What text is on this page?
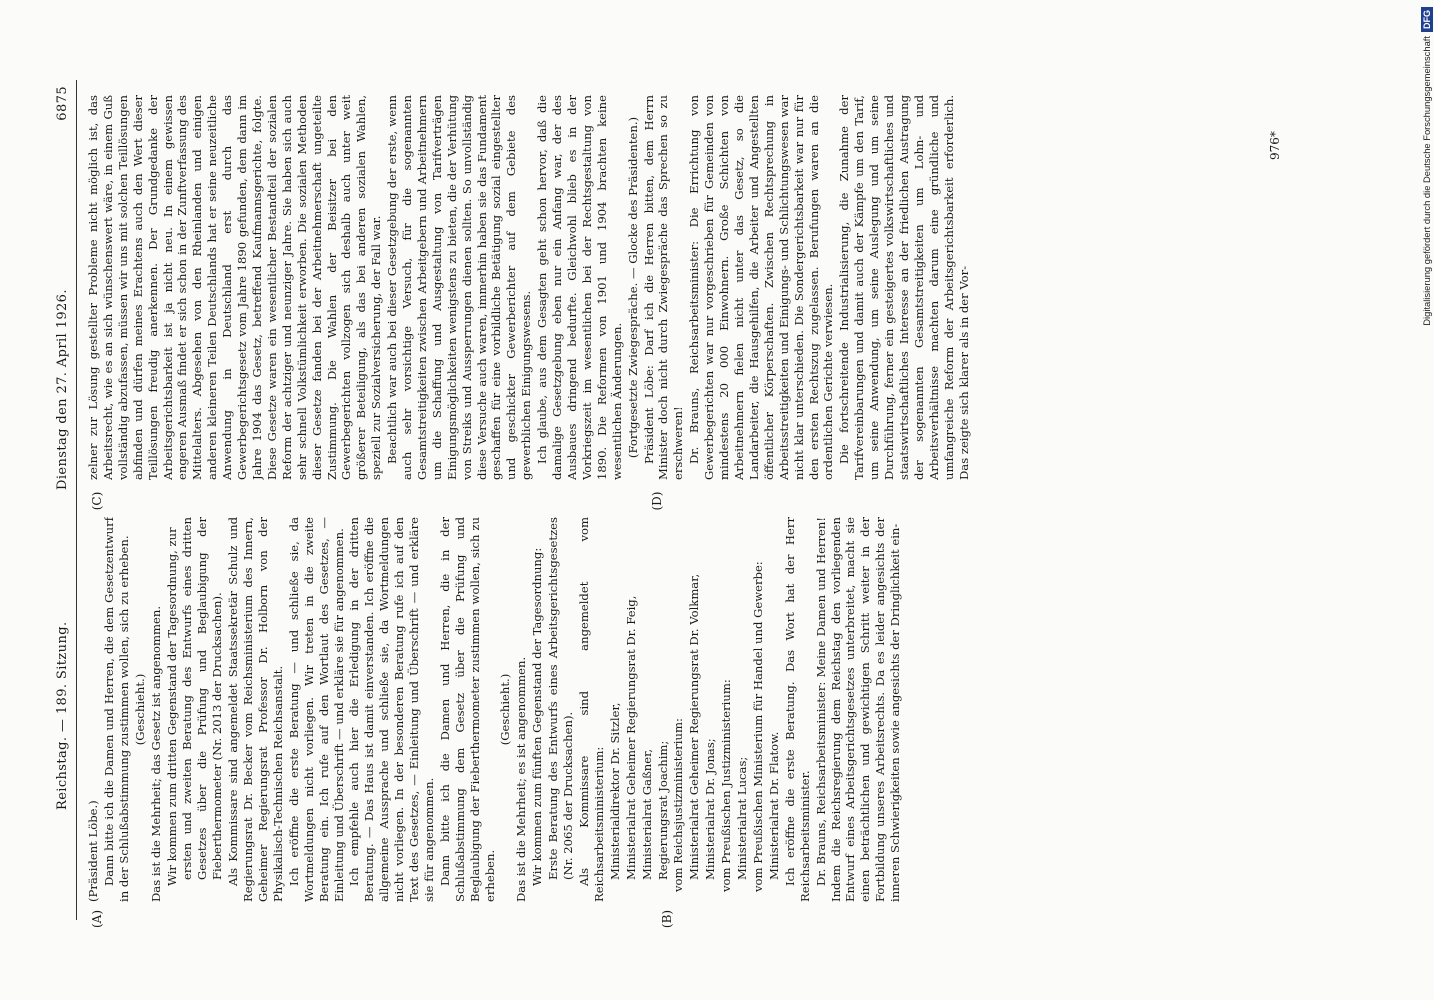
Reichstag. — 189. Sitzung.
Dienstag den 27. April 1926.
6875
(A)	(B)
(C)	(D)

(Präsident Löbe.) Dann bitte ich die Damen und Herren, die dem Gesetzentwurf in der Schlußabstimmung zustimmen wollen, sich zu erheben. (Geschieht.) Das ist die Mehrheit; das Gesetz ist angenommen. Wir kommen zum dritten Gegenstand der Tagesordnung, zur ersten und zweiten Beratung des Entwurfs eines dritten Gesetzes über die Prüfung und Beglaubigung der Fieberthermometer (Nr. 2013 der Drucksachen). Als Kommissare sind angemeldet Staatssekretär Schulz und Regierungsrat Dr. Becker vom Reichsministerium des Innern, Geheimer Regierungsrat Professor Dr. Holborn von der Physikalisch-Technischen Reichsanstalt. Ich eröffne die erste Beratung — und schließe sie, da Wortmeldungen nicht vorliegen. Wir treten in die zweite Beratung ein. Ich rufe auf den Wortlaut des Gesetzes, — Einleitung und Überschrift — und erkläre sie für angenommen. Ich empfehle auch hier die Erledigung in der dritten Beratung. — Das Haus ist damit einverstanden. Ich eröffne die allgemeine Aussprache und schließe sie, da Wortmeldungen nicht vorliegen. In der besonderen Beratung rufe ich auf den Text des Gesetzes, — Einleitung und Überschrift — und erkläre sie für angenommen. Dann bitte ich die Damen und Herren, die in der Schlußabstimmung dem Gesetz über die Prüfung und Beglaubigung der Fieberthermometer zustimmen wollen, sich zu erheben.

(Geschieht.) Das ist die Mehrheit; es ist angenommen. Wir kommen zum fünften Gegenstand der Tagesordnung: Erste Beratung des Entwurfs eines Arbeitsgerichtsgesetzes (Nr. 2065 der Drucksachen). Als Kommissare sind angemeldet vom Reichsarbeitsministerium: Ministerialdirektor Dr. Sitzler, Ministerialrat Geheimer Regierungsrat Dr. Feig, Ministerialrat Gaßner, Regierungsrat Joachim; vom Reichsjustizministerium: Ministerialrat Geheimer Regierungsrat Dr. Volkmar, Ministerialrat Dr. Jonas; vom Preußischen Justizministerium: Ministerialrat Lucas; vom Preußischen Ministerium für Handel und Gewerbe: Ministerialrat Dr. Flatow. Ich eröffne die erste Beratung. Das Wort hat der Herr Reichsarbeitsminister. Dr. Brauns, Reichsarbeitsminister: Meine Damen und Herren! Indem die Reichsregierung dem Reichstag den vorliegenden Entwurf eines Arbeitsgerichtsgesetzes unterbreitet, macht sie einen beträchtlichen und gewichtigen Schritt weiter in der Fortbildung unseres Arbeitsrechts. Da es leider angesichts der inneren Schwierigkeiten sowie angesichts der Dringlichkeit ein-

zelner zur Lösung gestellter Probleme nicht möglich ist, das Arbeitsrecht, wie es an sich wünschenswert wäre, in einem Guß vollständig abzufassen, müssen wir uns mit solchen Teillösungen abfinden und dürfen meines Erachtens auch den Wert dieser Teillösungen freudig anerkennen. Der Grundgedanke der Arbeitsgerichtsbarkeit ist ja nicht neu. In einem gewissen engeren Ausmaß findet er sich schon in der Zunftverfassung des Mittelalters. Abgesehen von den Rheinlanden und einigen anderen kleineren Teilen Deutschlands hat er seine neuzeitliche Anwendung in Deutschland erst durch das Gewerbegerichtsgesetz vom Jahre 1890 gefunden, dem dann im Jahre 1904 das Gesetz, betreffend Kaufmannsgerichte, folgte. Diese Gesetze waren ein wesentlicher Bestandteil der sozialen Reform der achtziger und neunziger Jahre. Sie haben sich auch sehr schnell Volkstümlichkeit erworben. Die sozialen Methoden dieser Gesetze fanden bei der Arbeitnehmerschaft ungeteilte Zustimmung. Die Wahlen der Beisitzer bei den Gewerbegerichten vollzogen sich deshalb auch unter weit größerer Beteiligung, als das bei anderen sozialen Wahlen, speziell zur Sozialversicherung, der Fall war. Beachtlich war auch bei dieser Gesetzgebung der erste, wenn auch sehr vorsichtige Versuch, für die sogenannten Gesamtstreitigkeiten zwischen Arbeitgebern und Arbeitnehmern um die Schaffung und Ausgestaltung von Tarifverträgen Einigungsmöglichkeiten wenigstens zu bieten, die der Verhütung von Streiks und Aussperrungen dienen sollten. So unvollständig diese Versuche auch waren, immerhin haben sie das Fundament geschaffen für eine vorbildliche Betätigung sozial eingestellter und geschickter Gewerberichter auf dem Gebiete des gewerblichen Einigungswesens. Ich glaube, aus dem Gesagten geht schon hervor, daß die damalige Gesetzgebung eben nur ein Anfang war, der des Ausbaues dringend bedurfte. Gleichwohl blieb es in der Vorkriegszeit im wesentlichen bei der Rechtsgestaltung von 1890. Die Reformen von 1901 und 1904 brachten keine wesentlichen Änderungen. (Fortgesetzte Zwiegespräche. — Glocke des Präsidenten.) Präsident Löbe: Darf ich die Herren bitten, dem Herrn Minister doch nicht durch Zwiegespräche das Sprechen so zu erschweren! Dr. Brauns, Reichsarbeitsminister: Die Errichtung von Gewerbegerichten war nur vorgeschrieben für Gemeinden von mindestens 20 000 Einwohnern. Große Schichten von Arbeitnehmern fielen nicht unter das Gesetz, so die Landarbeiter, die Hausgehilfen, die Arbeiter und Angestellten öffentlicher Körperschaften. Zwischen Rechtsprechung in Arbeitsstreitigkeiten und Einigungs- und Schlichtungswesen war nicht klar unterschieden. Die Sondergerichtsbarkeit war nur für den ersten Rechtszug zugelassen. Berufungen waren an die ordentlichen Gerichte verwiesen. Die fortschreitende Industrialisierung, die Zunahme der Tarifvereinbarungen und damit auch der Kämpfe um den Tarif, um seine Anwendung, um seine Auslegung und um seine Durchführung, ferner ein gesteigertes volkswirtschaftliches und staatswirtschaftliches Interesse an der friedlichen Austragung der sogenannten Gesamtstreitigkeiten um Lohn- und Arbeitsverhältnisse machten darum eine gründliche und umfangreiche Reform der Arbeitsgerichtsbarkeit erforderlich. Das zeigte sich klarer als in der Vor-

976*	Digitalisierung gefördert durch die Deutsche ForschungsgemeinschaftDFG
